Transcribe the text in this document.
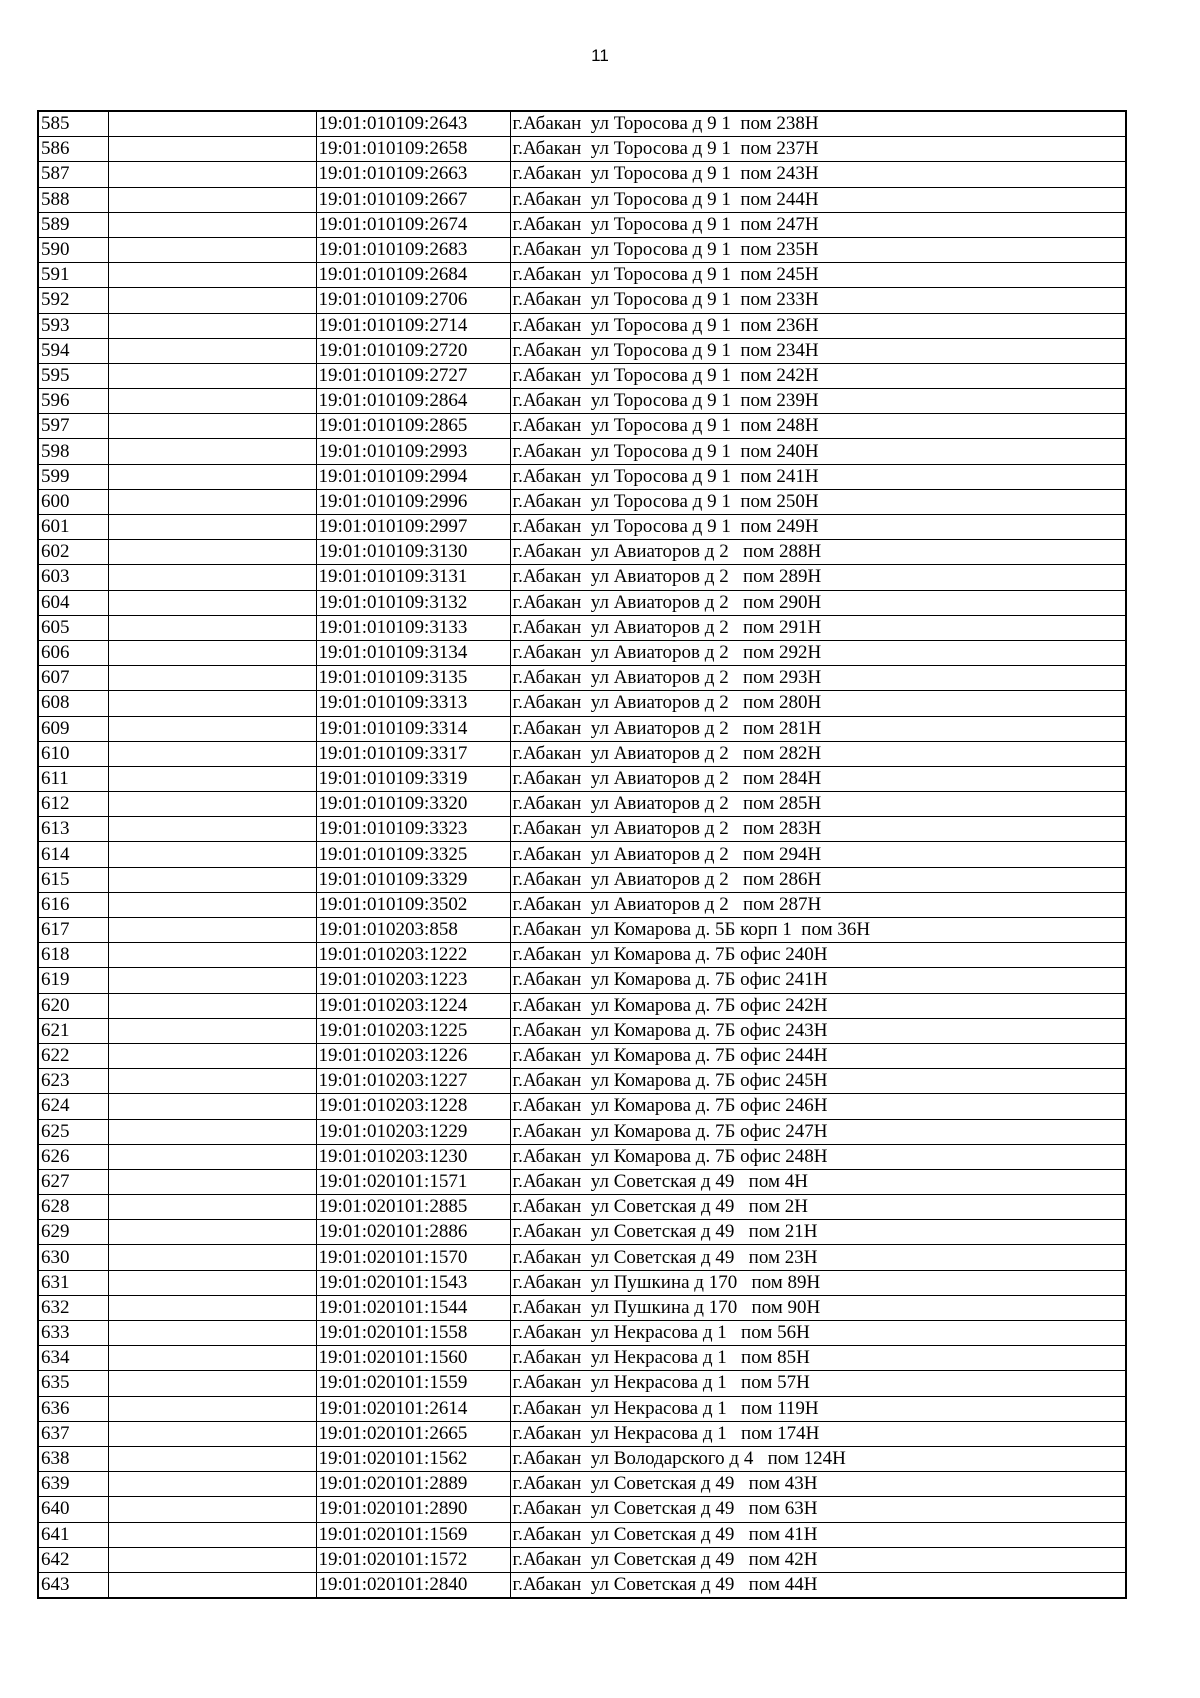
11
585		19:01:010109:2643	г.Абакан  ул Торосова д 9 1  пом 238Н
586		19:01:010109:2658	г.Абакан  ул Торосова д 9 1  пом 237Н
587		19:01:010109:2663	г.Абакан  ул Торосова д 9 1  пом 243Н
588		19:01:010109:2667	г.Абакан  ул Торосова д 9 1  пом 244Н
589		19:01:010109:2674	г.Абакан  ул Торосова д 9 1  пом 247Н
590		19:01:010109:2683	г.Абакан  ул Торосова д 9 1  пом 235Н
591		19:01:010109:2684	г.Абакан  ул Торосова д 9 1  пом 245Н
592		19:01:010109:2706	г.Абакан  ул Торосова д 9 1  пом 233Н
593		19:01:010109:2714	г.Абакан  ул Торосова д 9 1  пом 236Н
594		19:01:010109:2720	г.Абакан  ул Торосова д 9 1  пом 234Н
595		19:01:010109:2727	г.Абакан  ул Торосова д 9 1  пом 242Н
596		19:01:010109:2864	г.Абакан  ул Торосова д 9 1  пом 239Н
597		19:01:010109:2865	г.Абакан  ул Торосова д 9 1  пом 248Н
598		19:01:010109:2993	г.Абакан  ул Торосова д 9 1  пом 240Н
599		19:01:010109:2994	г.Абакан  ул Торосова д 9 1  пом 241Н
600		19:01:010109:2996	г.Абакан  ул Торосова д 9 1  пом 250Н
601		19:01:010109:2997	г.Абакан  ул Торосова д 9 1  пом 249Н
602		19:01:010109:3130	г.Абакан  ул Авиаторов д 2   пом 288Н
603		19:01:010109:3131	г.Абакан  ул Авиаторов д 2   пом 289Н
604		19:01:010109:3132	г.Абакан  ул Авиаторов д 2   пом 290Н
605		19:01:010109:3133	г.Абакан  ул Авиаторов д 2   пом 291Н
606		19:01:010109:3134	г.Абакан  ул Авиаторов д 2   пом 292Н
607		19:01:010109:3135	г.Абакан  ул Авиаторов д 2   пом 293Н
608		19:01:010109:3313	г.Абакан  ул Авиаторов д 2   пом 280Н
609		19:01:010109:3314	г.Абакан  ул Авиаторов д 2   пом 281Н
610		19:01:010109:3317	г.Абакан  ул Авиаторов д 2   пом 282Н
611		19:01:010109:3319	г.Абакан  ул Авиаторов д 2   пом 284Н
612		19:01:010109:3320	г.Абакан  ул Авиаторов д 2   пом 285Н
613		19:01:010109:3323	г.Абакан  ул Авиаторов д 2   пом 283Н
614		19:01:010109:3325	г.Абакан  ул Авиаторов д 2   пом 294Н
615		19:01:010109:3329	г.Абакан  ул Авиаторов д 2   пом 286Н
616		19:01:010109:3502	г.Абакан  ул Авиаторов д 2   пом 287Н
617		19:01:010203:858	г.Абакан  ул Комарова д. 5Б корп 1  пом 36Н
618		19:01:010203:1222	г.Абакан  ул Комарова д. 7Б офис 240Н
619		19:01:010203:1223	г.Абакан  ул Комарова д. 7Б офис 241Н
620		19:01:010203:1224	г.Абакан  ул Комарова д. 7Б офис 242Н
621		19:01:010203:1225	г.Абакан  ул Комарова д. 7Б офис 243Н
622		19:01:010203:1226	г.Абакан  ул Комарова д. 7Б офис 244Н
623		19:01:010203:1227	г.Абакан  ул Комарова д. 7Б офис 245Н
624		19:01:010203:1228	г.Абакан  ул Комарова д. 7Б офис 246Н
625		19:01:010203:1229	г.Абакан  ул Комарова д. 7Б офис 247Н
626		19:01:010203:1230	г.Абакан  ул Комарова д. 7Б офис 248Н
627		19:01:020101:1571	г.Абакан  ул Советская д 49   пом 4Н
628		19:01:020101:2885	г.Абакан  ул Советская д 49   пом 2Н
629		19:01:020101:2886	г.Абакан  ул Советская д 49   пом 21Н
630		19:01:020101:1570	г.Абакан  ул Советская д 49   пом 23Н
631		19:01:020101:1543	г.Абакан  ул Пушкина д 170   пом 89Н
632		19:01:020101:1544	г.Абакан  ул Пушкина д 170   пом 90Н
633		19:01:020101:1558	г.Абакан  ул Некрасова д 1   пом 56Н
634		19:01:020101:1560	г.Абакан  ул Некрасова д 1   пом 85Н
635		19:01:020101:1559	г.Абакан  ул Некрасова д 1   пом 57Н
636		19:01:020101:2614	г.Абакан  ул Некрасова д 1   пом 119Н
637		19:01:020101:2665	г.Абакан  ул Некрасова д 1   пом 174Н
638		19:01:020101:1562	г.Абакан  ул Володарского д 4   пом 124Н
639		19:01:020101:2889	г.Абакан  ул Советская д 49   пом 43Н
640		19:01:020101:2890	г.Абакан  ул Советская д 49   пом 63Н
641		19:01:020101:1569	г.Абакан  ул Советская д 49   пом 41Н
642		19:01:020101:1572	г.Абакан  ул Советская д 49   пом 42Н
643		19:01:020101:2840	г.Абакан  ул Советская д 49   пом 44Н
